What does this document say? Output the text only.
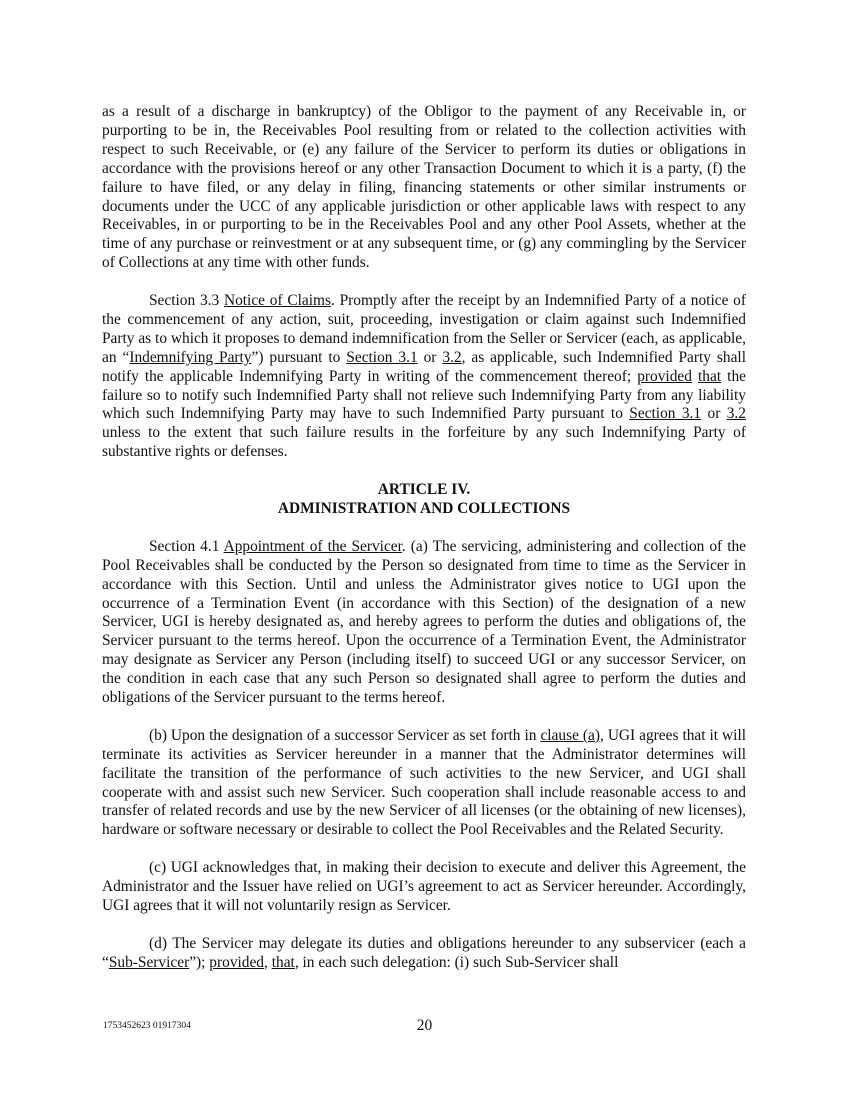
as a result of a discharge in bankruptcy) of the Obligor to the payment of any Receivable in, or purporting to be in, the Receivables Pool resulting from or related to the collection activities with respect to such Receivable, or (e) any failure of the Servicer to perform its duties or obligations in accordance with the provisions hereof or any other Transaction Document to which it is a party, (f) the failure to have filed, or any delay in filing, financing statements or other similar instruments or documents under the UCC of any applicable jurisdiction or other applicable laws with respect to any Receivables, in or purporting to be in the Receivables Pool and any other Pool Assets, whether at the time of any purchase or reinvestment or at any subsequent time, or (g) any commingling by the Servicer of Collections at any time with other funds.

Section 3.3 Notice of Claims. Promptly after the receipt by an Indemnified Party of a notice of the commencement of any action, suit, proceeding, investigation or claim against such Indemnified Party as to which it proposes to demand indemnification from the Seller or Servicer (each, as applicable, an “Indemnifying Party”) pursuant to Section 3.1 or 3.2, as applicable, such Indemnified Party shall notify the applicable Indemnifying Party in writing of the commencement thereof; provided that the failure so to notify such Indemnified Party shall not relieve such Indemnifying Party from any liability which such Indemnifying Party may have to such Indemnified Party pursuant to Section 3.1 or 3.2 unless to the extent that such failure results in the forfeiture by any such Indemnifying Party of substantive rights or defenses.

ARTICLE IV.
ADMINISTRATION AND COLLECTIONS

Section 4.1 Appointment of the Servicer. (a) The servicing, administering and collection of the Pool Receivables shall be conducted by the Person so designated from time to time as the Servicer in accordance with this Section. Until and unless the Administrator gives notice to UGI upon the occurrence of a Termination Event (in accordance with this Section) of the designation of a new Servicer, UGI is hereby designated as, and hereby agrees to perform the duties and obligations of, the Servicer pursuant to the terms hereof. Upon the occurrence of a Termination Event, the Administrator may designate as Servicer any Person (including itself) to succeed UGI or any successor Servicer, on the condition in each case that any such Person so designated shall agree to perform the duties and obligations of the Servicer pursuant to the terms hereof.

(b) Upon the designation of a successor Servicer as set forth in clause (a), UGI agrees that it will terminate its activities as Servicer hereunder in a manner that the Administrator determines will facilitate the transition of the performance of such activities to the new Servicer, and UGI shall cooperate with and assist such new Servicer. Such cooperation shall include reasonable access to and transfer of related records and use by the new Servicer of all licenses (or the obtaining of new licenses), hardware or software necessary or desirable to collect the Pool Receivables and the Related Security.

(c) UGI acknowledges that, in making their decision to execute and deliver this Agreement, the Administrator and the Issuer have relied on UGI’s agreement to act as Servicer hereunder. Accordingly, UGI agrees that it will not voluntarily resign as Servicer.

(d) The Servicer may delegate its duties and obligations hereunder to any subservicer (each a “Sub-Servicer”); provided, that, in each such delegation: (i) such Sub-Servicer shall

1753452623 01917304	20
